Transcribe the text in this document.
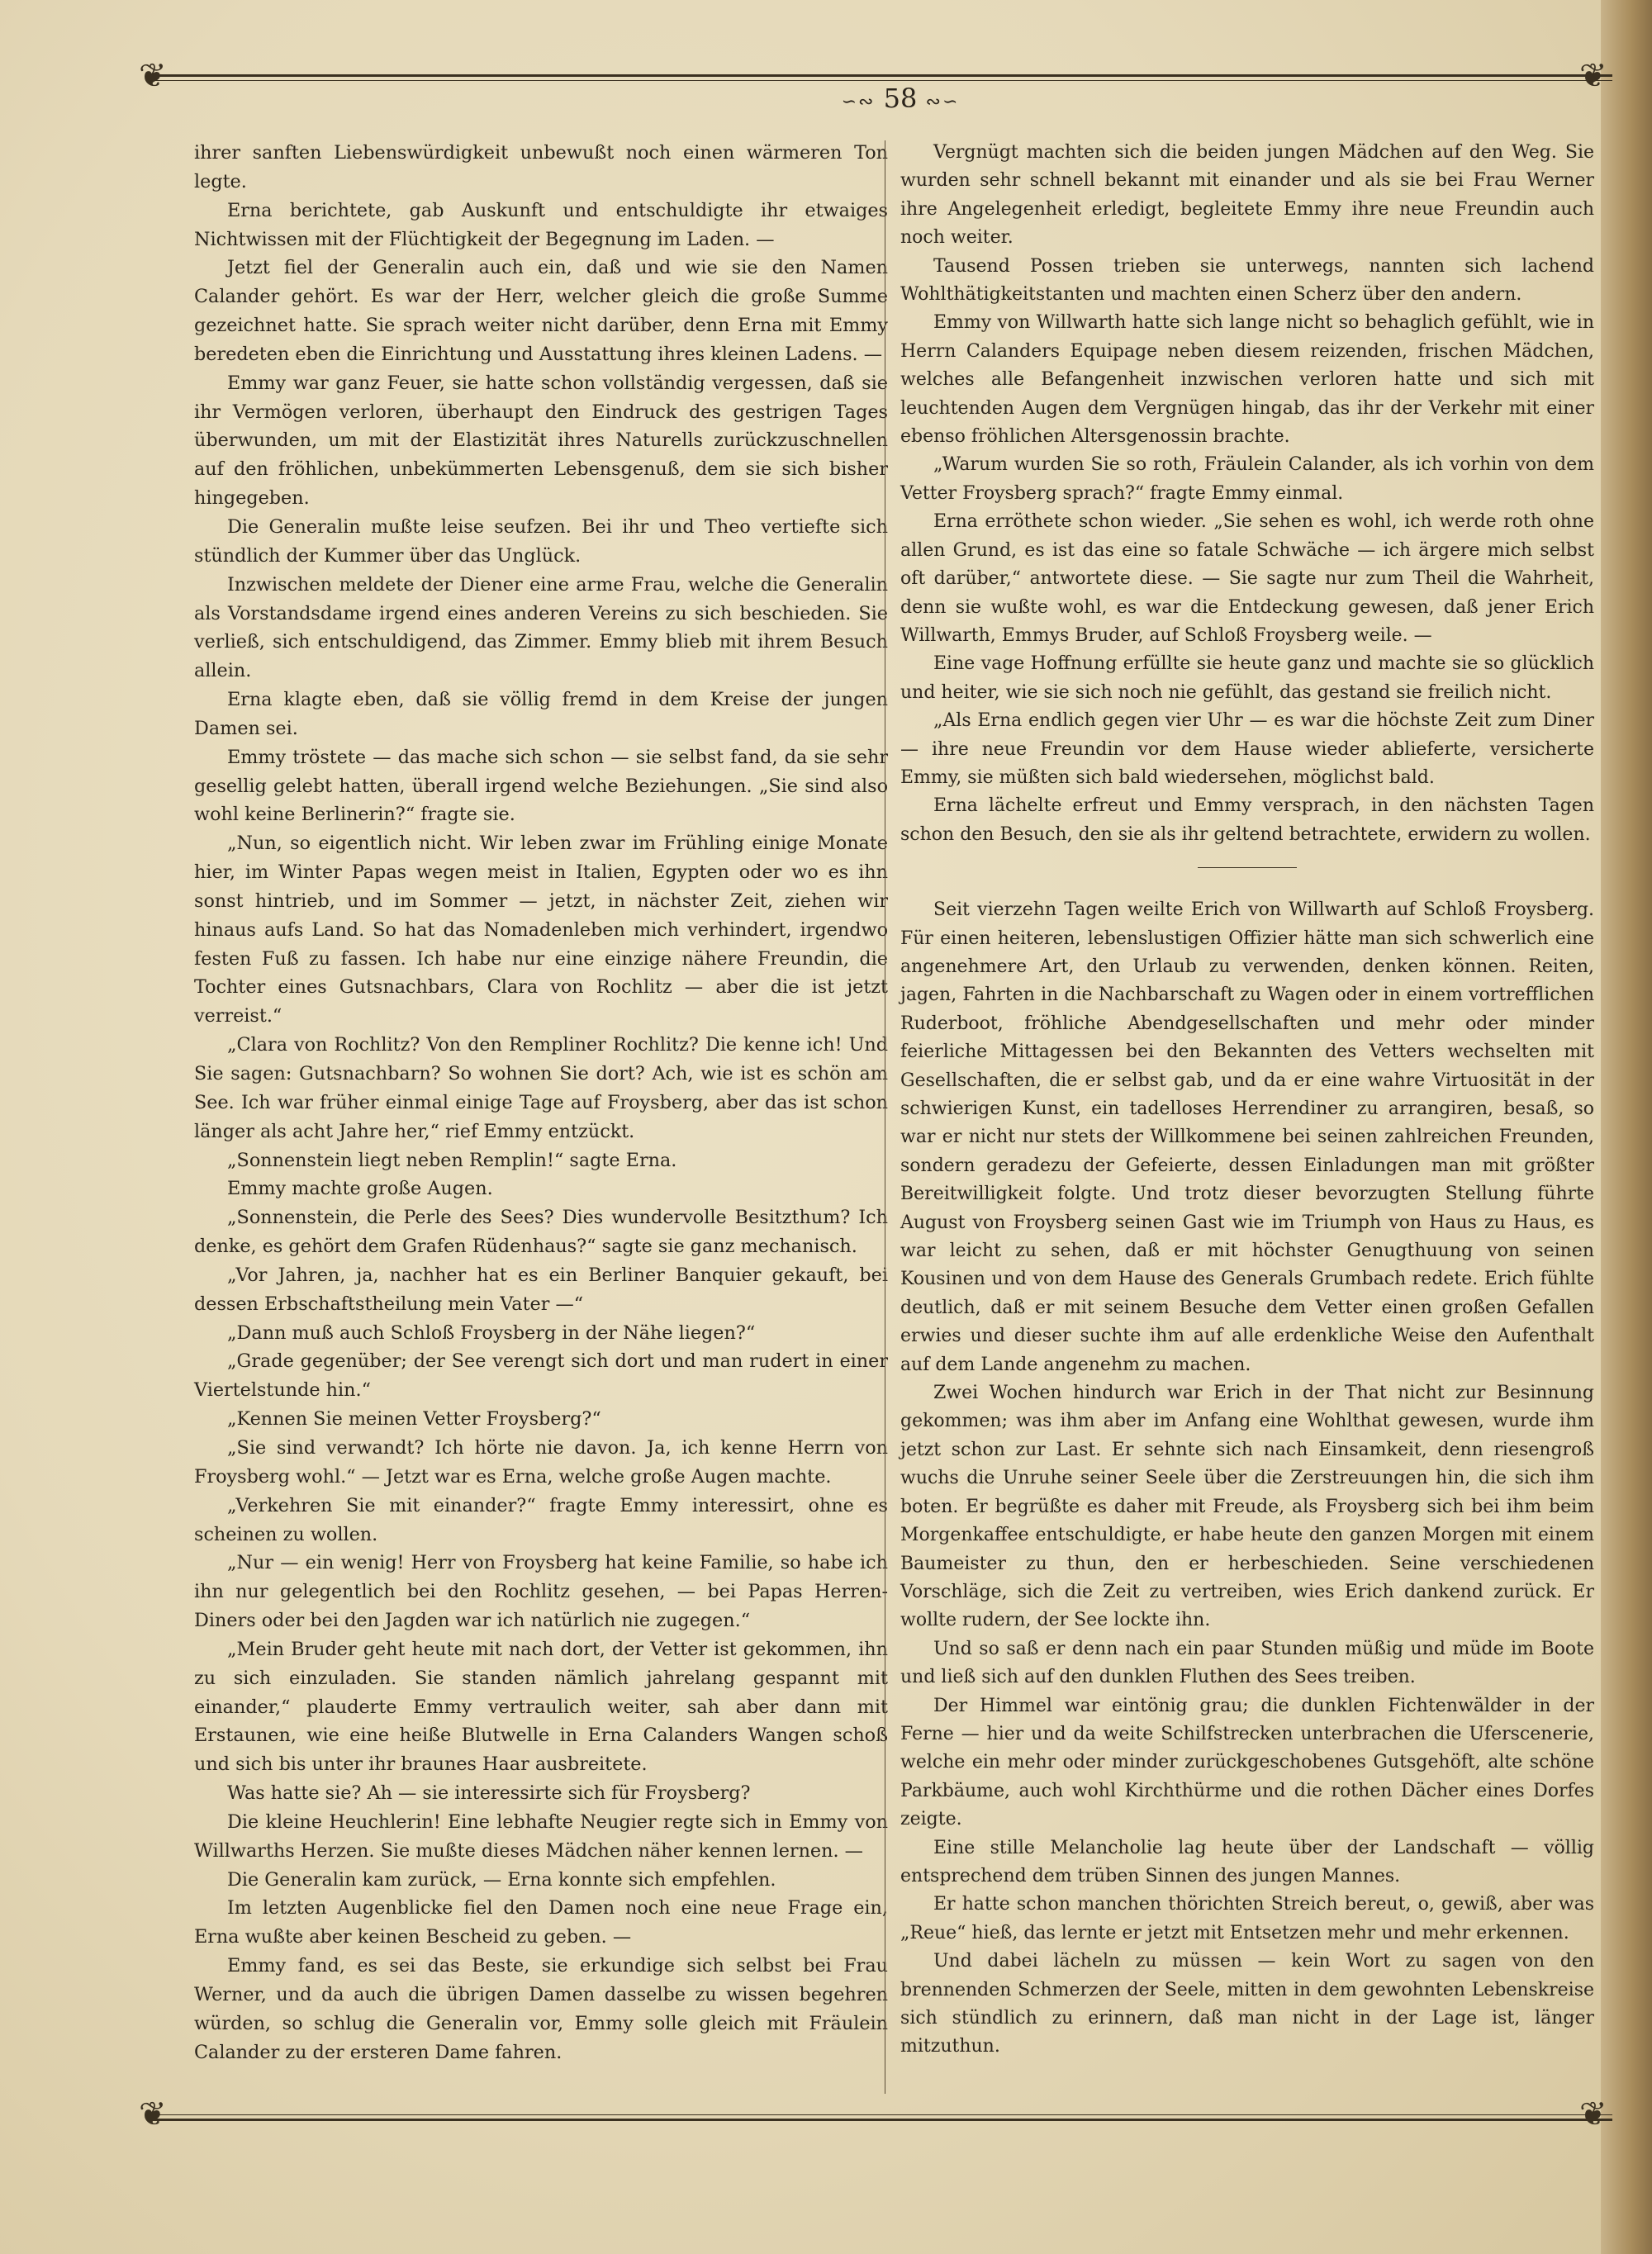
❦	❦
❦	❦
∽∾ 58 ∾∽

ihrer sanften Liebenswürdigkeit unbewußt noch einen wärmeren Ton legte.

Erna berichtete, gab Auskunft und entschuldigte ihr etwaiges Nichtwissen mit der Flüchtigkeit der Begegnung im Laden. —

Jetzt fiel der Generalin auch ein, daß und wie sie den Namen Calander gehört. Es war der Herr, welcher gleich die große Summe gezeichnet hatte. Sie sprach weiter nicht darüber, denn Erna mit Emmy beredeten eben die Einrichtung und Ausstattung ihres kleinen Ladens. —

Emmy war ganz Feuer, sie hatte schon vollständig vergessen, daß sie ihr Vermögen verloren, überhaupt den Eindruck des gestrigen Tages überwunden, um mit der Elastizität ihres Naturells zurückzuschnellen auf den fröhlichen, unbekümmerten Lebensgenuß, dem sie sich bisher hingegeben.

Die Generalin mußte leise seufzen. Bei ihr und Theo vertiefte sich stündlich der Kummer über das Unglück.

Inzwischen meldete der Diener eine arme Frau, welche die Generalin als Vorstandsdame irgend eines anderen Vereins zu sich beschieden. Sie verließ, sich entschuldigend, das Zimmer. Emmy blieb mit ihrem Besuch allein.

Erna klagte eben, daß sie völlig fremd in dem Kreise der jungen Damen sei.

Emmy tröstete — das mache sich schon — sie selbst fand, da sie sehr gesellig gelebt hatten, überall irgend welche Beziehungen. „Sie sind also wohl keine Berlinerin?“ fragte sie.

„Nun, so eigentlich nicht. Wir leben zwar im Frühling einige Monate hier, im Winter Papas wegen meist in Italien, Egypten oder wo es ihn sonst hintrieb, und im Sommer — jetzt, in nächster Zeit, ziehen wir hinaus aufs Land. So hat das Nomadenleben mich verhindert, irgendwo festen Fuß zu fassen. Ich habe nur eine einzige nähere Freundin, die Tochter eines Gutsnachbars, Clara von Rochlitz — aber die ist jetzt verreist.“

„Clara von Rochlitz? Von den Rempliner Rochlitz? Die kenne ich! Und Sie sagen: Gutsnachbarn? So wohnen Sie dort? Ach, wie ist es schön am See. Ich war früher einmal einige Tage auf Froysberg, aber das ist schon länger als acht Jahre her,“ rief Emmy entzückt.

„Sonnenstein liegt neben Remplin!“ sagte Erna.

Emmy machte große Augen.

„Sonnenstein, die Perle des Sees? Dies wundervolle Besitzthum? Ich denke, es gehört dem Grafen Rüdenhaus?“ sagte sie ganz mechanisch.

„Vor Jahren, ja, nachher hat es ein Berliner Banquier gekauft, bei dessen Erbschaftstheilung mein Vater —“

„Dann muß auch Schloß Froysberg in der Nähe liegen?“

„Grade gegenüber; der See verengt sich dort und man rudert in einer Viertelstunde hin.“

„Kennen Sie meinen Vetter Froysberg?“

„Sie sind verwandt? Ich hörte nie davon. Ja, ich kenne Herrn von Froysberg wohl.“ — Jetzt war es Erna, welche große Augen machte.

„Verkehren Sie mit einander?“ fragte Emmy interessirt, ohne es scheinen zu wollen.

„Nur — ein wenig! Herr von Froysberg hat keine Familie, so habe ich ihn nur gelegentlich bei den Rochlitz gesehen, — bei Papas Herren-Diners oder bei den Jagden war ich natürlich nie zugegen.“

„Mein Bruder geht heute mit nach dort, der Vetter ist gekommen, ihn zu sich einzuladen. Sie standen nämlich jahrelang gespannt mit einander,“ plauderte Emmy vertraulich weiter, sah aber dann mit Erstaunen, wie eine heiße Blutwelle in Erna Calanders Wangen schoß und sich bis unter ihr braunes Haar ausbreitete.

Was hatte sie? Ah — sie interessirte sich für Froysberg?

Die kleine Heuchlerin! Eine lebhafte Neugier regte sich in Emmy von Willwarths Herzen. Sie mußte dieses Mädchen näher kennen lernen. —

Die Generalin kam zurück, — Erna konnte sich empfehlen.

Im letzten Augenblicke fiel den Damen noch eine neue Frage ein, Erna wußte aber keinen Bescheid zu geben. —

Emmy fand, es sei das Beste, sie erkundige sich selbst bei Frau Werner, und da auch die übrigen Damen dasselbe zu wissen begehren würden, so schlug die Generalin vor, Emmy solle gleich mit Fräulein Calander zu der ersteren Dame fahren.

Vergnügt machten sich die beiden jungen Mädchen auf den Weg. Sie wurden sehr schnell bekannt mit einander und als sie bei Frau Werner ihre Angelegenheit erledigt, begleitete Emmy ihre neue Freundin auch noch weiter.

Tausend Possen trieben sie unterwegs, nannten sich lachend Wohlthätigkeitstanten und machten einen Scherz über den andern.

Emmy von Willwarth hatte sich lange nicht so behaglich gefühlt, wie in Herrn Calanders Equipage neben diesem reizenden, frischen Mädchen, welches alle Befangenheit inzwischen verloren hatte und sich mit leuchtenden Augen dem Vergnügen hingab, das ihr der Verkehr mit einer ebenso fröhlichen Altersgenossin brachte.

„Warum wurden Sie so roth, Fräulein Calander, als ich vorhin von dem Vetter Froysberg sprach?“ fragte Emmy einmal.

Erna erröthete schon wieder. „Sie sehen es wohl, ich werde roth ohne allen Grund, es ist das eine so fatale Schwäche — ich ärgere mich selbst oft darüber,“ antwortete diese. — Sie sagte nur zum Theil die Wahrheit, denn sie wußte wohl, es war die Entdeckung gewesen, daß jener Erich Willwarth, Emmys Bruder, auf Schloß Froysberg weile. —

Eine vage Hoffnung erfüllte sie heute ganz und machte sie so glücklich und heiter, wie sie sich noch nie gefühlt, das gestand sie freilich nicht.

„Als Erna endlich gegen vier Uhr — es war die höchste Zeit zum Diner — ihre neue Freundin vor dem Hause wieder ablieferte, versicherte Emmy, sie müßten sich bald wiedersehen, möglichst bald.

Erna lächelte erfreut und Emmy versprach, in den nächsten Tagen schon den Besuch, den sie als ihr geltend betrachtete, erwidern zu wollen.

Seit vierzehn Tagen weilte Erich von Willwarth auf Schloß Froysberg. Für einen heiteren, lebenslustigen Offizier hätte man sich schwerlich eine angenehmere Art, den Urlaub zu verwenden, denken können. Reiten, jagen, Fahrten in die Nachbarschaft zu Wagen oder in einem vortrefflichen Ruderboot, fröhliche Abendgesellschaften und mehr oder minder feierliche Mittagessen bei den Bekannten des Vetters wechselten mit Gesellschaften, die er selbst gab, und da er eine wahre Virtuosität in der schwierigen Kunst, ein tadelloses Herrendiner zu arrangiren, besaß, so war er nicht nur stets der Willkommene bei seinen zahlreichen Freunden, sondern geradezu der Gefeierte, dessen Einladungen man mit größter Bereitwilligkeit folgte. Und trotz dieser bevorzugten Stellung führte August von Froysberg seinen Gast wie im Triumph von Haus zu Haus, es war leicht zu sehen, daß er mit höchster Genugthuung von seinen Kousinen und von dem Hause des Generals Grumbach redete. Erich fühlte deutlich, daß er mit seinem Besuche dem Vetter einen großen Gefallen erwies und dieser suchte ihm auf alle erdenkliche Weise den Aufenthalt auf dem Lande angenehm zu machen.

Zwei Wochen hindurch war Erich in der That nicht zur Besinnung gekommen; was ihm aber im Anfang eine Wohlthat gewesen, wurde ihm jetzt schon zur Last. Er sehnte sich nach Einsamkeit, denn riesengroß wuchs die Unruhe seiner Seele über die Zerstreuungen hin, die sich ihm boten. Er begrüßte es daher mit Freude, als Froysberg sich bei ihm beim Morgenkaffee entschuldigte, er habe heute den ganzen Morgen mit einem Baumeister zu thun, den er herbeschieden. Seine verschiedenen Vorschläge, sich die Zeit zu vertreiben, wies Erich dankend zurück. Er wollte rudern, der See lockte ihn.

Und so saß er denn nach ein paar Stunden müßig und müde im Boote und ließ sich auf den dunklen Fluthen des Sees treiben.

Der Himmel war eintönig grau; die dunklen Fichtenwälder in der Ferne — hier und da weite Schilfstrecken unterbrachen die Uferscenerie, welche ein mehr oder minder zurückgeschobenes Gutsgehöft, alte schöne Parkbäume, auch wohl Kirchthürme und die rothen Dächer eines Dorfes zeigte.

Eine stille Melancholie lag heute über der Landschaft — völlig entsprechend dem trüben Sinnen des jungen Mannes.

Er hatte schon manchen thörichten Streich bereut, o, gewiß, aber was „Reue“ hieß, das lernte er jetzt mit Entsetzen mehr und mehr erkennen.

Und dabei lächeln zu müssen — kein Wort zu sagen von den brennenden Schmerzen der Seele, mitten in dem gewohnten Lebenskreise sich stündlich zu erinnern, daß man nicht in der Lage ist, länger mitzuthun.
